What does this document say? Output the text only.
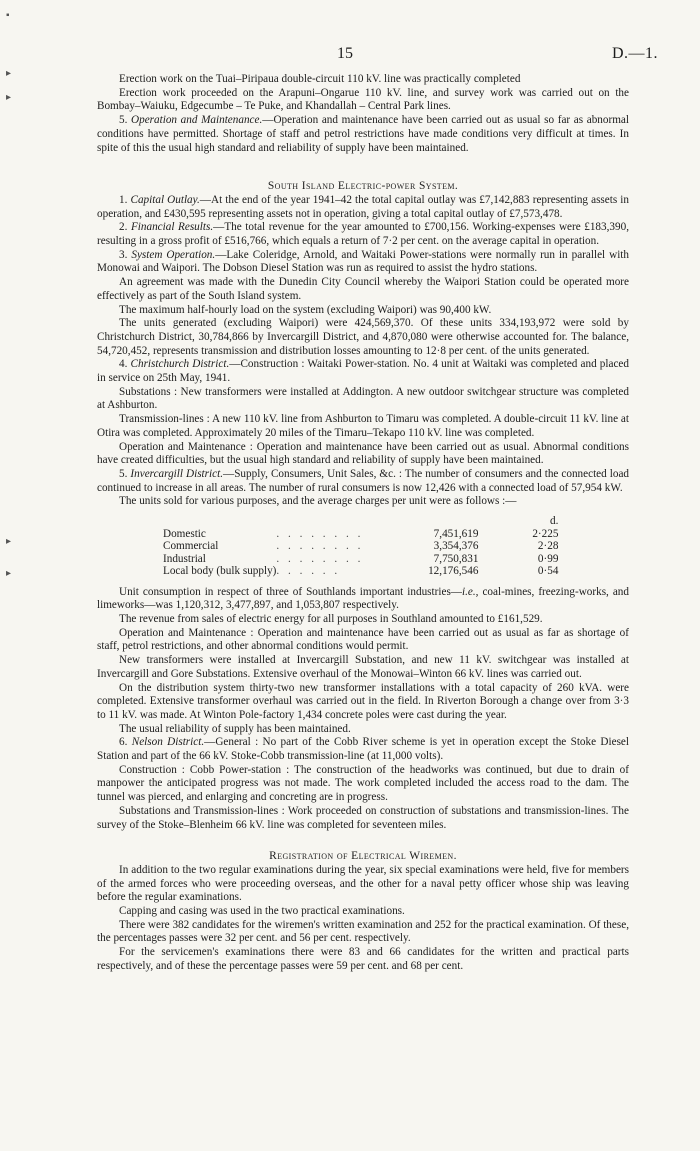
15	D.—1.
▪
▸
▸
▸
▸

Erection work on the Tuai–Piripaua double-circuit 110 kV. line was practically completed

Erection work proceeded on the Arapuni–Ongarue 110 kV. line, and survey work was carried out on the Bombay–Waiuku, Edgecumbe – Te Puke, and Khandallah – Central Park lines.

5. Operation and Maintenance.—Operation and maintenance have been carried out as usual so far as abnormal conditions have permitted. Shortage of staff and petrol restrictions have made conditions very difficult at times. In spite of this the usual high standard and reliability of supply have been maintained.

South Island Electric-power System.

1. Capital Outlay.—At the end of the year 1941–42 the total capital outlay was £7,142,883 representing assets in operation, and £430,595 representing assets not in operation, giving a total capital outlay of £7,573,478.

2. Financial Results.—The total revenue for the year amounted to £700,156. Working-expenses were £183,390, resulting in a gross profit of £516,766, which equals a return of 7·2 per cent. on the average capital in operation.

3. System Operation.—Lake Coleridge, Arnold, and Waitaki Power-stations were normally run in parallel with Monowai and Waipori. The Dobson Diesel Station was run as required to assist the hydro stations.

An agreement was made with the Dunedin City Council whereby the Waipori Station could be operated more effectively as part of the South Island system.

The maximum half-hourly load on the system (excluding Waipori) was 90,400 kW.

The units generated (excluding Waipori) were 424,569,370. Of these units 334,193,972 were sold by Christchurch District, 30,784,866 by Invercargill District, and 4,870,080 were otherwise accounted for. The balance, 54,720,452, represents transmission and distribution losses amounting to 12·8 per cent. of the units generated.

4. Christchurch District.—Construction : Waitaki Power-station. No. 4 unit at Waitaki was completed and placed in service on 25th May, 1941.

Substations : New transformers were installed at Addington. A new outdoor switchgear structure was completed at Ashburton.

Transmission-lines : A new 110 kV. line from Ashburton to Timaru was completed. A double-circuit 11 kV. line at Otira was completed. Approximately 20 miles of the Timaru–Tekapo 110 kV. line was completed.

Operation and Maintenance : Operation and maintenance have been carried out as usual. Abnormal conditions have created difficulties, but the usual high standard and reliability of supply have been maintained.

5. Invercargill District.—Supply, Consumers, Unit Sales, &c. : The number of consumers and the connected load continued to increase in all areas. The number of rural consumers is now 12,426 with a connected load of 57,954 kW.

The units sold for various purposes, and the average charges per unit were as follows :—

			d.
Domestic	. . . . . . . .	7,451,619	2·225
Commercial	. . . . . . . .	3,354,376	2·28
Industrial	. . . . . . . .	7,750,831	0·99
Local body (bulk supply)	. . . . . .	12,176,546	0·54

Unit consumption in respect of three of Southlands important industries—i.e., coal-mines, freezing-works, and limeworks—was 1,120,312, 3,477,897, and 1,053,807 respectively.

The revenue from sales of electric energy for all purposes in Southland amounted to £161,529.

Operation and Maintenance : Operation and maintenance have been carried out as usual as far as shortage of staff, petrol restrictions, and other abnormal conditions would permit.

New transformers were installed at Invercargill Substation, and new 11 kV. switchgear was installed at Invercargill and Gore Substations. Extensive overhaul of the Monowai–Winton 66 kV. lines was carried out.

On the distribution system thirty-two new transformer installations with a total capacity of 260 kVA. were completed. Extensive transformer overhaul was carried out in the field. In Riverton Borough a change over from 3·3 to 11 kV. was made. At Winton Pole-factory 1,434 concrete poles were cast during the year.

The usual reliability of supply has been maintained.

6. Nelson District.—General : No part of the Cobb River scheme is yet in operation except the Stoke Diesel Station and part of the 66 kV. Stoke-Cobb transmission-line (at 11,000 volts).

Construction : Cobb Power-station : The construction of the headworks was continued, but due to drain of manpower the anticipated progress was not made. The work completed included the access road to the dam. The tunnel was pierced, and enlarging and concreting are in progress.

Substations and Transmission-lines : Work proceeded on construction of substations and transmission-lines. The survey of the Stoke–Blenheim 66 kV. line was completed for seventeen miles.

Registration of Electrical Wiremen.

In addition to the two regular examinations during the year, six special examinations were held, five for members of the armed forces who were proceeding overseas, and the other for a naval petty officer whose ship was leaving before the regular examinations.

Capping and casing was used in the two practical examinations.

There were 382 candidates for the wiremen's written examination and 252 for the practical examination. Of these, the percentages passes were 32 per cent. and 56 per cent. respectively.

For the servicemen's examinations there were 83 and 66 candidates for the written and practical parts respectively, and of these the percentage passes were 59 per cent. and 68 per cent.
